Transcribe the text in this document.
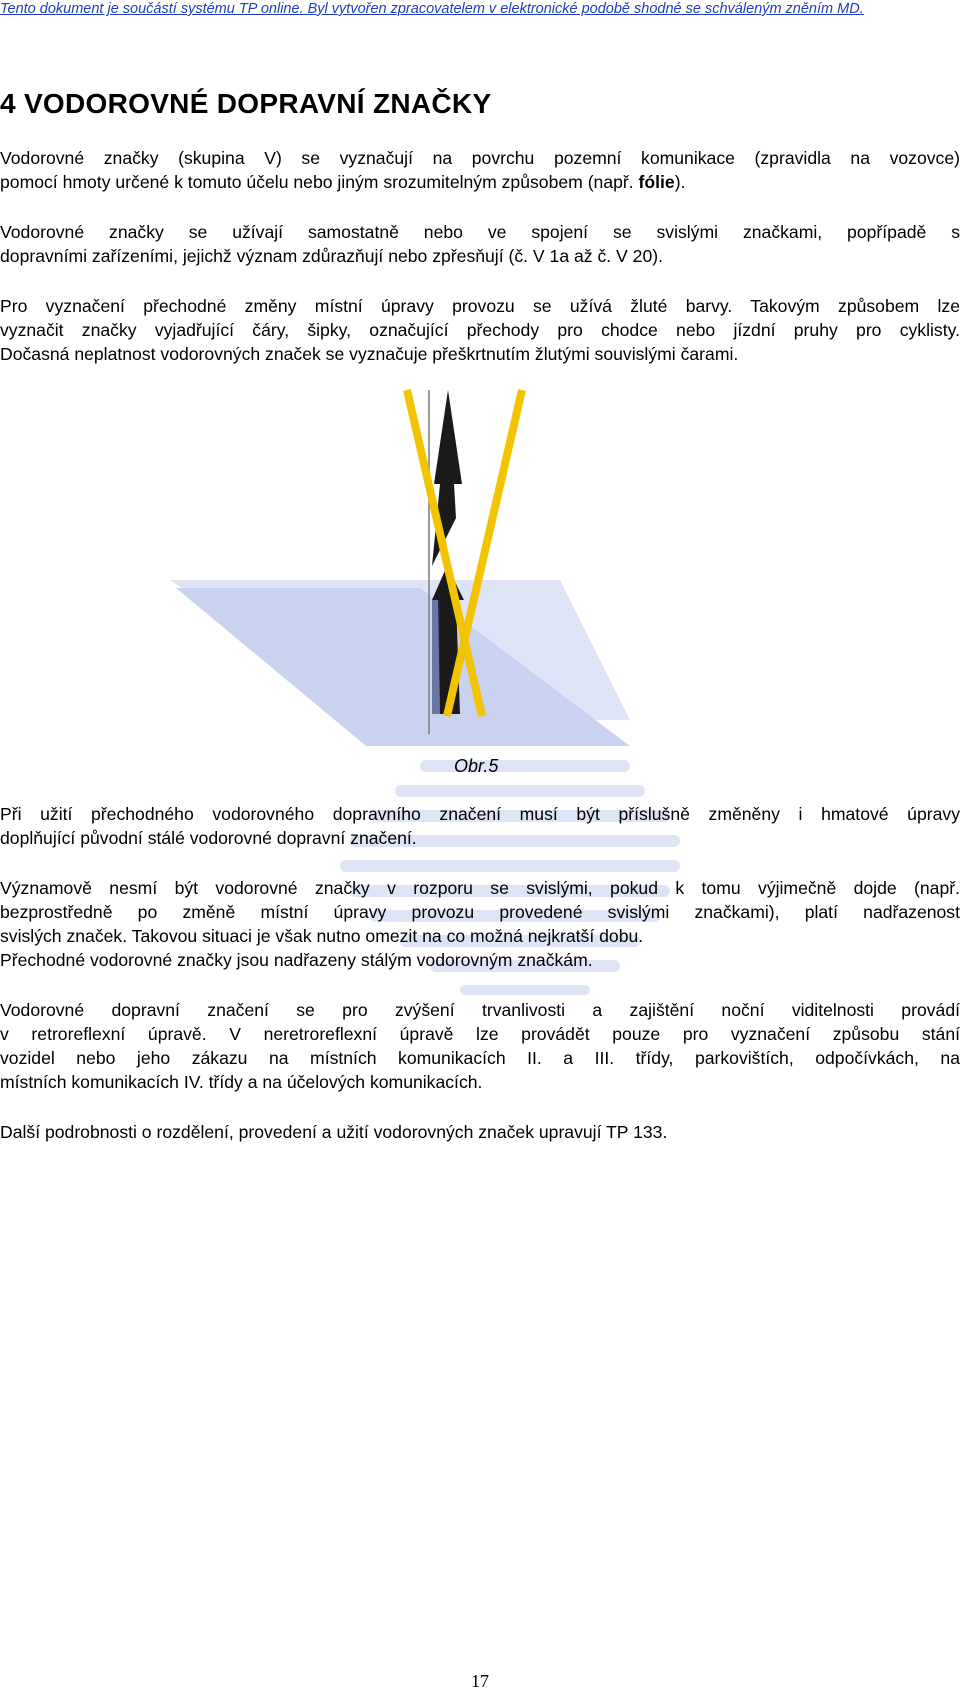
Tento dokument je součástí systému TP online. Byl vytvořen zpracovatelem v elektronické podobě shodné se schváleným zněním MD.
4 VODOROVNÉ DOPRAVNÍ ZNAČKY

Vodorovné značky (skupina V) se vyznačují na povrchu pozemní komunikace (zpravidla na vozovce)
pomocí hmoty určené k tomuto účelu nebo jiným srozumitelným způsobem (např. fólie).

Vodorovné značky se užívají samostatně nebo ve spojení se svislými značkami, popřípadě s
dopravními zařízeními, jejichž význam zdůrazňují nebo zpřesňují (č. V 1a až č. V 20).

Pro vyznačení přechodné změny místní úpravy provozu se užívá žluté barvy. Takovým způsobem lze
vyznačit značky vyjadřující čáry, šipky, označující přechody pro chodce nebo jízdní pruhy pro cyklisty.
Dočasná neplatnost vodorovných značek se vyznačuje přeškrtnutím žlutými souvislými čarami.

Obr.5

Při užití přechodného vodorovného dopravního značení musí být příslušně změněny i hmatové úpravy
doplňující původní stálé vodorovné dopravní značení.

Významově nesmí být vodorovné značky v rozporu se svislými, pokud k tomu výjimečně dojde (např.
bezprostředně po změně místní úpravy provozu provedené svislými značkami), platí nadřazenost
svislých značek. Takovou situaci je však nutno omezit na co možná nejkratší dobu.
Přechodné vodorovné značky jsou nadřazeny stálým vodorovným značkám.

Vodorovné dopravní značení se pro zvýšení trvanlivosti a zajištění noční viditelnosti provádí
v retroreflexní úpravě. V neretroreflexní úpravě lze provádět pouze pro vyznačení způsobu stání
vozidel nebo jeho zákazu na místních komunikacích II. a III. třídy, parkovištích, odpočívkách, na
místních komunikacích IV. třídy a na účelových komunikacích.

Další podrobnosti o rozdělení, provedení a užití vodorovných značek upravují TP 133.

17
